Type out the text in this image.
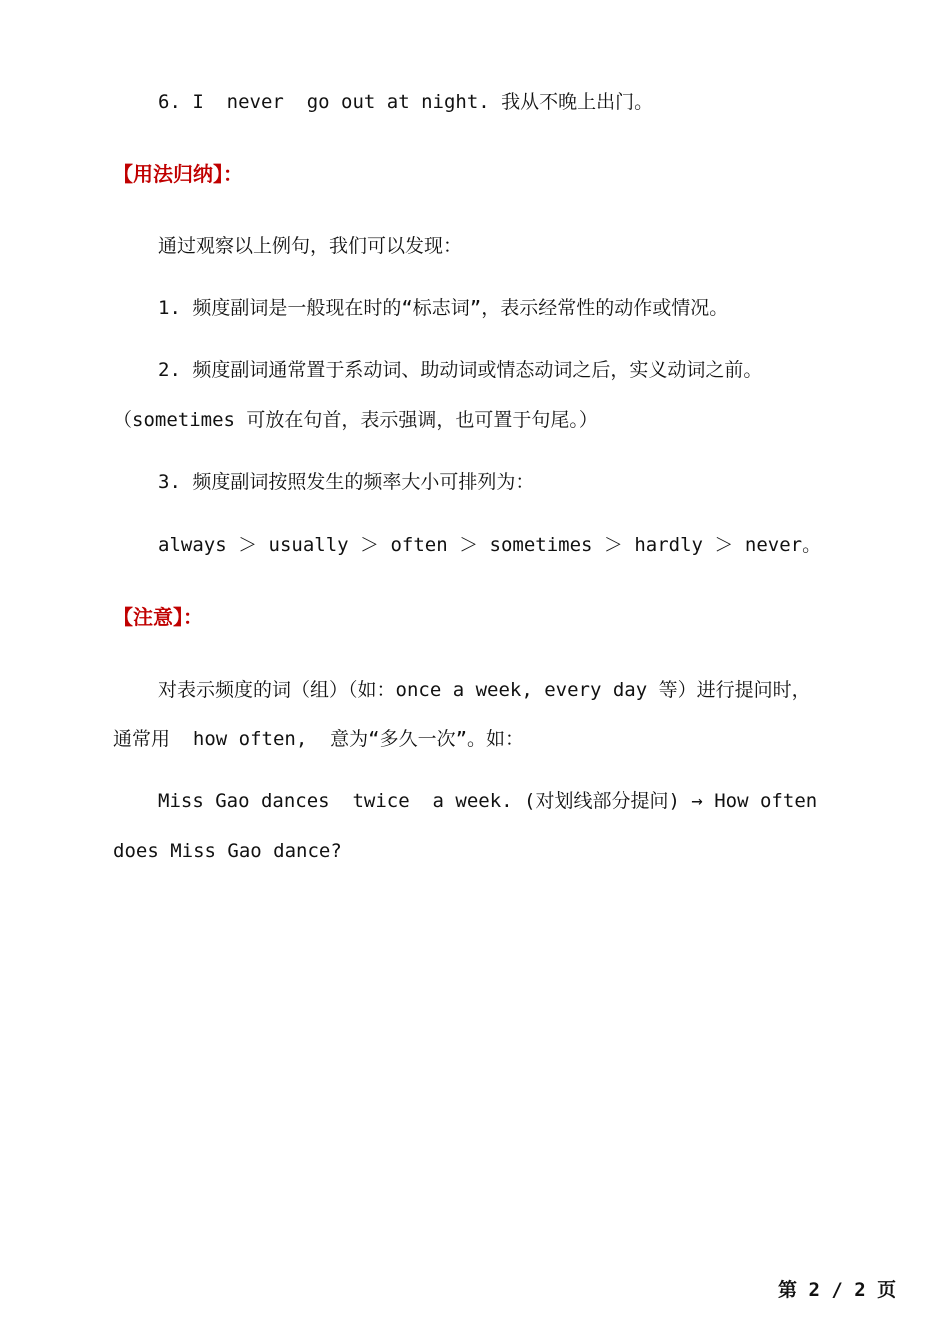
6. I  never  go out at night. 我从不晚上出门。
【用法归纳】：
通过观察以上例句，我们可以发现：
1. 频度副词是一般现在时的“标志词”，表示经常性的动作或情况。
2. 频度副词通常置于系动词、助动词或情态动词之后，实义动词之前。
（sometimes 可放在句首，表示强调，也可置于句尾。）
3. 频度副词按照发生的频率大小可排列为：
always ＞ usually ＞ often ＞ sometimes ＞ hardly ＞ never。
【注意】：
对表示频度的词（组）（如：once a week, every day 等）进行提问时，
通常用  how often,  意为“多久一次”。如：
Miss Gao dances  twice  a week. (对划线部分提问) → How often
does Miss Gao dance?
第 2 / 2 页
